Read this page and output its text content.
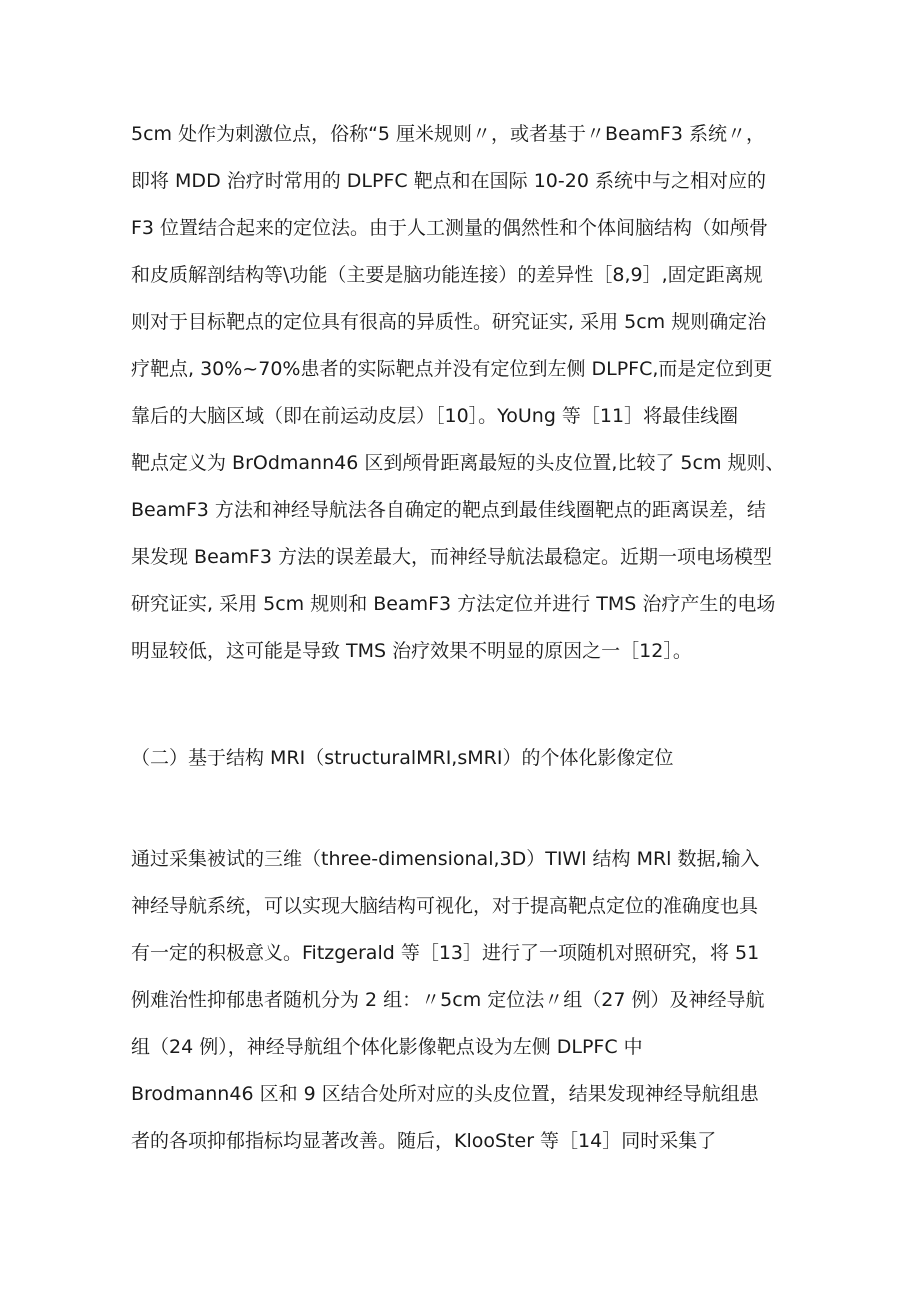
5cm 处作为刺激位点，俗称“5 厘米规则〃，或者基于〃BeamF3 系统〃，
即将 MDD 治疗时常用的 DLPFC 靶点和在国际 10-20 系统中与之相对应的
F3 位置结合起来的定位法。由于人工测量的偶然性和个体间脑结构（如颅骨
和皮质解剖结构等\功能（主要是脑功能连接）的差异性［8,9］,固定距离规
则对于目标靶点的定位具有很高的异质性。研究证实, 采用 5cm 规则确定治
疗靶点, 30%~70%患者的实际靶点并没有定位到左侧 DLPFC,而是定位到更
靠后的大脑区域（即在前运动皮层）［10］。YoUng 等［11］将最佳线圈
靶点定义为 BrOdmann46 区到颅骨距离最短的头皮位置,比较了 5cm 规则、
BeamF3 方法和神经导航法各自确定的靶点到最佳线圈靶点的距离误差，结
果发现 BeamF3 方法的误差最大，而神经导航法最稳定。近期一项电场模型
研究证实, 采用 5cm 规则和 BeamF3 方法定位并进行 TMS 治疗产生的电场
明显较低，这可能是导致 TMS 治疗效果不明显的原因之一［12］。
（二）基于结构 MRI（structuralMRI,sMRI）的个体化影像定位
通过采集被试的三维（three-dimensional,3D）TIWl 结构 MRl 数据,输入
神经导航系统，可以实现大脑结构可视化，对于提高靶点定位的准确度也具
有一定的积极意义。Fitzgerald 等［13］进行了一项随机对照研究，将 51
例难治性抑郁患者随机分为 2 组：〃5cm 定位法〃组（27 例）及神经导航
组（24 例），神经导航组个体化影像靶点设为左侧 DLPFC 中
Brodmann46 区和 9 区结合处所对应的头皮位置，结果发现神经导航组患
者的各项抑郁指标均显著改善。随后，KlooSter 等［14］同时采集了
